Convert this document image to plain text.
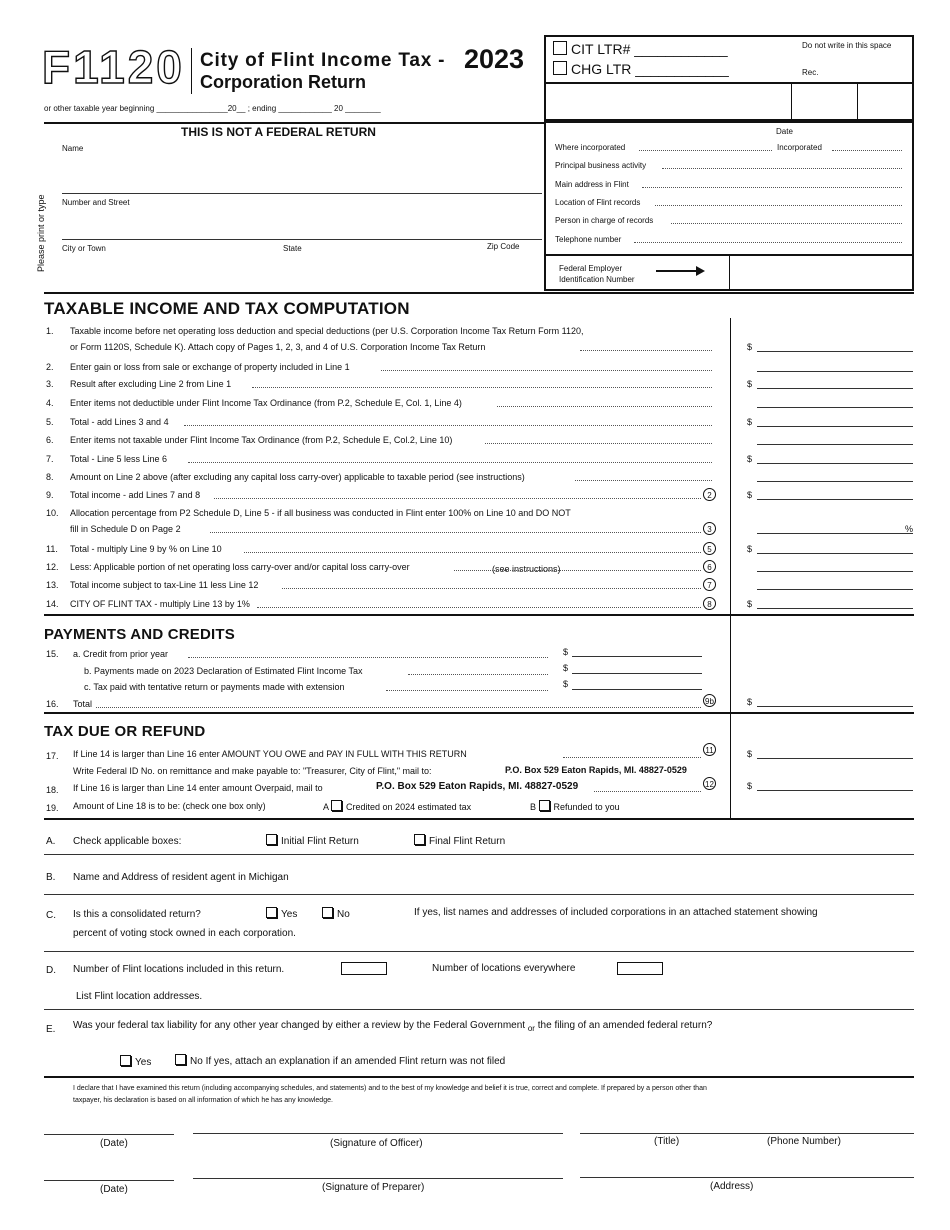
F1120 City of Flint Income Tax - 2023
Corporation Return
or other taxable year beginning ________________20__ ; ending ____________ 20 ________
CIT LTR# ____________
CHG LTR ____________
Do not write in this space
Rec.
THIS IS NOT A FEDERAL RETURN
Please print or type
Name
Number and Street
City or Town	State	Zip Code
Date
Where incorporated	Incorporated
Principal business activity
Main address in Flint
Location of Flint records
Person in charge of records
Telephone number
Federal Employer Identification Number
TAXABLE INCOME AND TAX COMPUTATION
1. Taxable income before net operating loss deduction and special deductions (per U.S. Corporation Income Tax Return Form 1120,
or Form 1120S, Schedule K). Attach copy of Pages 1, 2, 3, and 4 of U.S. Corporation Income Tax Return	$
2. Enter gain or loss from sale or exchange of property included in Line 1
3. Result after excluding Line 2 from Line 1	$
4. Enter items not deductible under Flint Income Tax Ordinance (from P.2, Schedule E, Col. 1, Line 4)
5. Total - add Lines 3 and 4	$
6. Enter items not taxable under Flint Income Tax Ordinance (from P.2, Schedule E, Col.2, Line 10)
7. Total - Line 5 less Line 6	$
8. Amount on Line 2 above (after excluding any capital loss carry-over) applicable to taxable period (see instructions)
9. Total income - add Lines 7 and 8	2	$
10. Allocation percentage from P2 Schedule D, Line 5 - if all business was conducted in Flint enter 100% on Line 10 and DO NOT
fill in Schedule D on Page 2	3	%
11. Total - multiply Line 9 by % on Line 10	5	$
12. Less: Applicable portion of net operating loss carry-over and/or capital loss carry-over	(see instructions)	6
13. Total income subject to tax-Line 11 less Line 12	7
14. CITY OF FLINT TAX - multiply Line 13 by 1%	8	$
PAYMENTS AND CREDITS
15. a. Credit from prior year	$
b. Payments made on 2023 Declaration of Estimated Flint Income Tax	$
c. Tax paid with tentative return or payments made with extension	$
16. Total	9b	$
TAX DUE OR REFUND
17. If Line 14 is larger than Line 16 enter AMOUNT YOU OWE and PAY IN FULL WITH THIS RETURN	11	$
Write Federal ID No. on remittance and make payable to: "Treasurer, City of Flint," mail to:	P.O. Box 529 Eaton Rapids, MI. 48827-0529
18. If Line 16 is larger than Line 14 enter amount Overpaid, mail to	P.O. Box 529 Eaton Rapids, MI. 48827-0529	12	$
19. Amount of Line 18 is to be: (check one box only)	A Credited on 2024 estimated tax	B Refunded to you
A. Check applicable boxes:	Initial Flint Return	Final Flint Return
B. Name and Address of resident agent in Michigan
C. Is this a consolidated return?	Yes	No	If yes, list names and addresses of included corporations in an attached statement showing
percent of voting stock owned in each corporation.
D. Number of Flint locations included in this return.	Number of locations everywhere
List Flint location addresses.
E. Was your federal tax liability for any other year changed by either a review by the Federal Government $_{or}$ the filing of an amended federal return?
Yes	No If yes, attach an explanation if an amended Flint return was not filed
I declare that I have examined this return (including accompanying schedules, and statements) and to the best of my knowledge and belief it is true, correct and complete. If prepared by a person other than
taxpayer, his declaration is based on all information of which he has any knowledge.
(Date)	(Signature of Officer)	(Title)	(Phone Number)
(Date)	(Signature of Preparer)	(Address)
